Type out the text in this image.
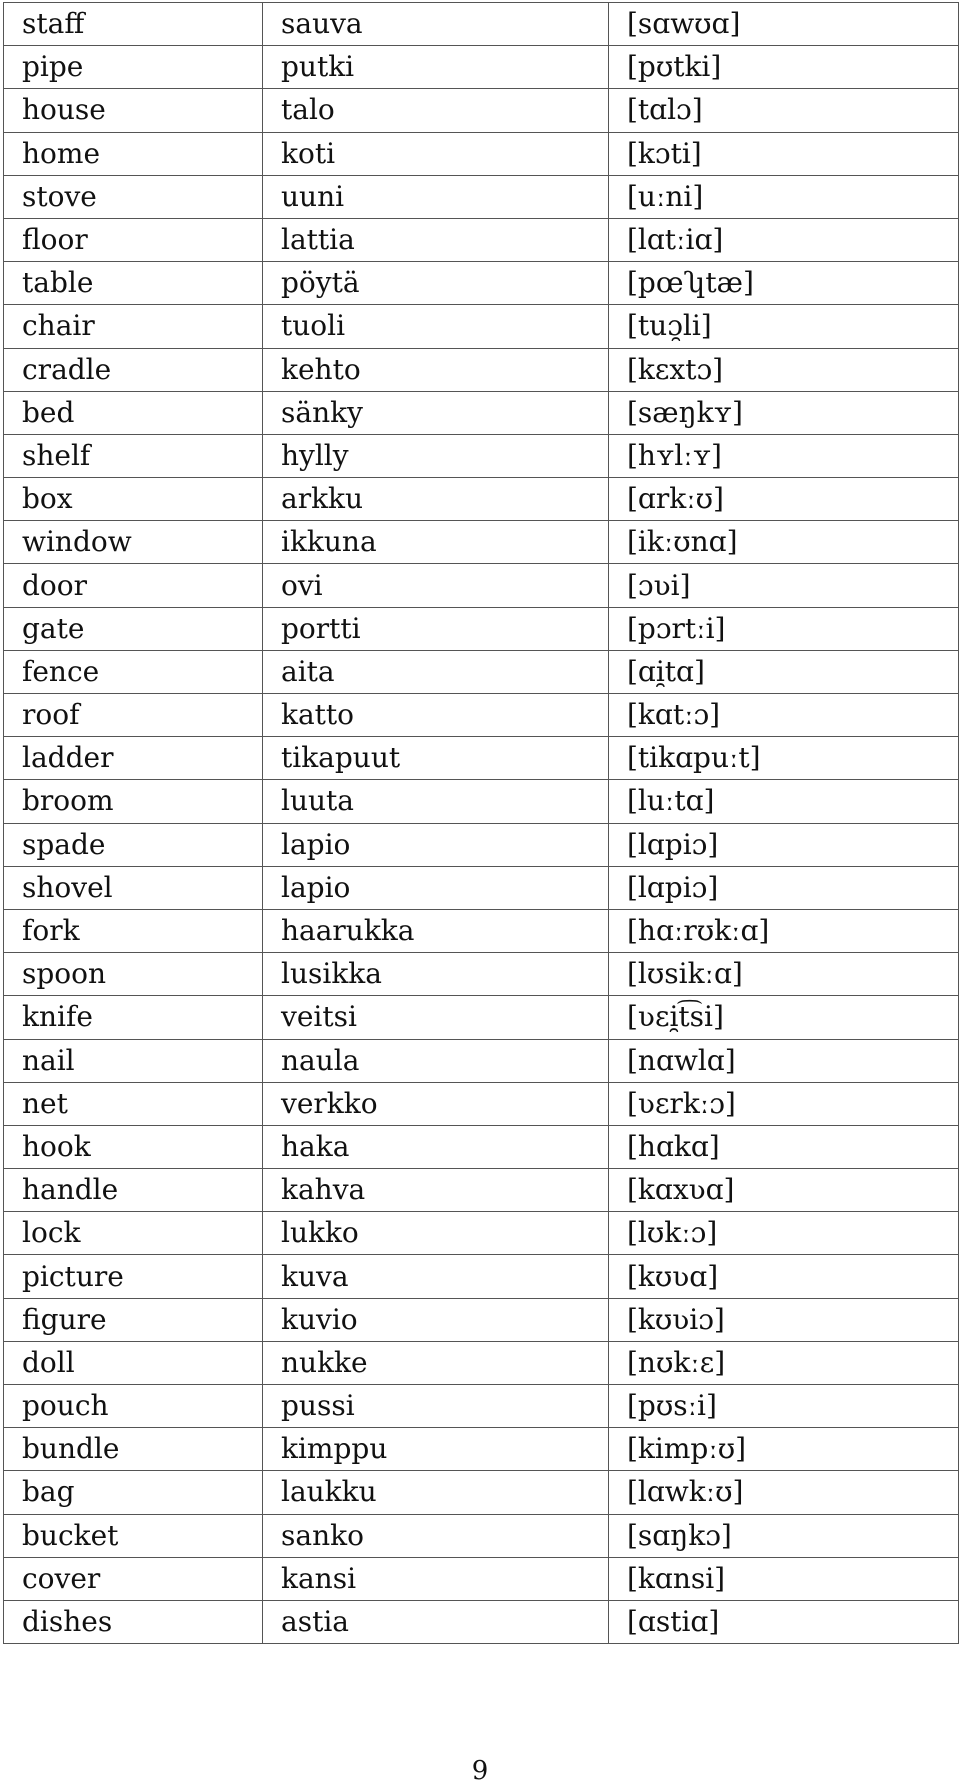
staff	sauva	[sɑwʊɑ]
pipe	putki	[pʊtki]
house	talo	[tɑlɔ]
home	koti	[kɔti]
stove	uuni	[uːni]
floor	lattia	[lɑtːiɑ]
table	pöytä	[pœʮtæ]
chair	tuoli	[tuɔ̯li]
cradle	kehto	[kɛxtɔ]
bed	sänky	[sæŋkʏ]
shelf	hylly	[hʏlːʏ]
box	arkku	[ɑrkːʊ]
window	ikkuna	[ikːʊnɑ]
door	ovi	[ɔʋi]
gate	portti	[pɔrtːi]
fence	aita	[ɑi̯tɑ]
roof	katto	[kɑtːɔ]
ladder	tikapuut	[tikɑpuːt]
broom	luuta	[luːtɑ]
spade	lapio	[lɑpiɔ]
shovel	lapio	[lɑpiɔ]
fork	haarukka	[hɑːrʊkːɑ]
spoon	lusikka	[lʊsikːɑ]
knife	veitsi	[ʋɛi̯t͡si]
nail	naula	[nɑwlɑ]
net	verkko	[ʋɛrkːɔ]
hook	haka	[hɑkɑ]
handle	kahva	[kɑxʋɑ]
lock	lukko	[lʊkːɔ]
picture	kuva	[kʊʋɑ]
figure	kuvio	[kʊʋiɔ]
doll	nukke	[nʊkːɛ]
pouch	pussi	[pʊsːi]
bundle	kimppu	[kimpːʊ]
bag	laukku	[lɑwkːʊ]
bucket	sanko	[sɑŋkɔ]
cover	kansi	[kɑnsi]
dishes	astia	[ɑstiɑ]
9
